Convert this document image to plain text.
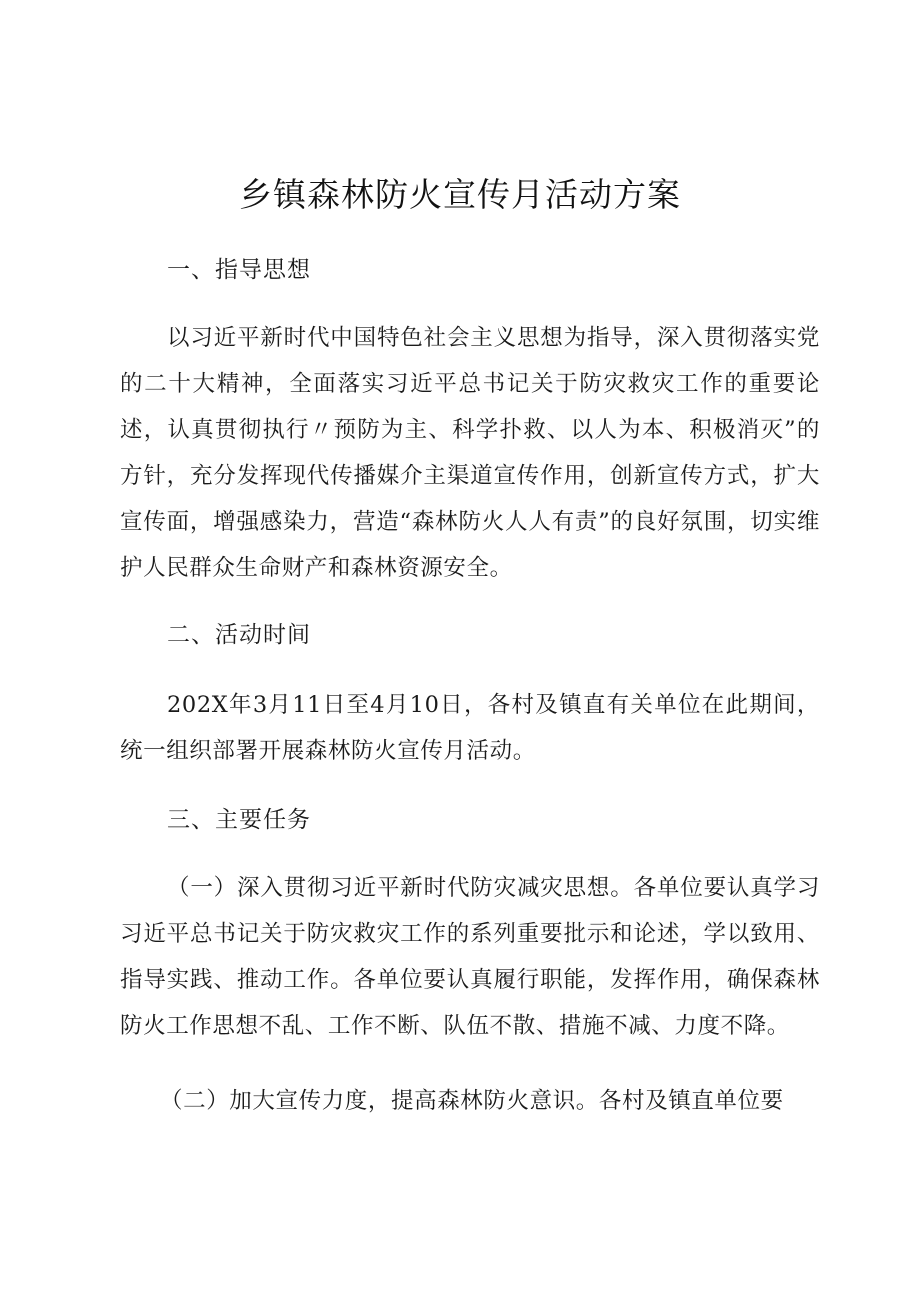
乡镇森林防火宣传月活动方案
一、指导思想

以习近平新时代中国特色社会主义思想为指导，深入贯彻落实党的二十大精神，全面落实习近平总书记关于防灾救灾工作的重要论述，认真贯彻执行〃预防为主、科学扑救、以人为本、积极消灭”的方针，充分发挥现代传播媒介主渠道宣传作用，创新宣传方式，扩大宣传面，增强感染力，营造“森林防火人人有责”的良好氛围，切实维护人民群众生命财产和森林资源安全。

二、活动时间

202X年3月11日至4月10日，各村及镇直有关单位在此期间，统一组织部署开展森林防火宣传月活动。

三、主要任务

（一）深入贯彻习近平新时代防灾减灾思想。各单位要认真学习习近平总书记关于防灾救灾工作的系列重要批示和论述，学以致用、指导实践、推动工作。各单位要认真履行职能，发挥作用，确保森林防火工作思想不乱、工作不断、队伍不散、措施不减、力度不降。

（二）加大宣传力度，提高森林防火意识。各村及镇直单位要
